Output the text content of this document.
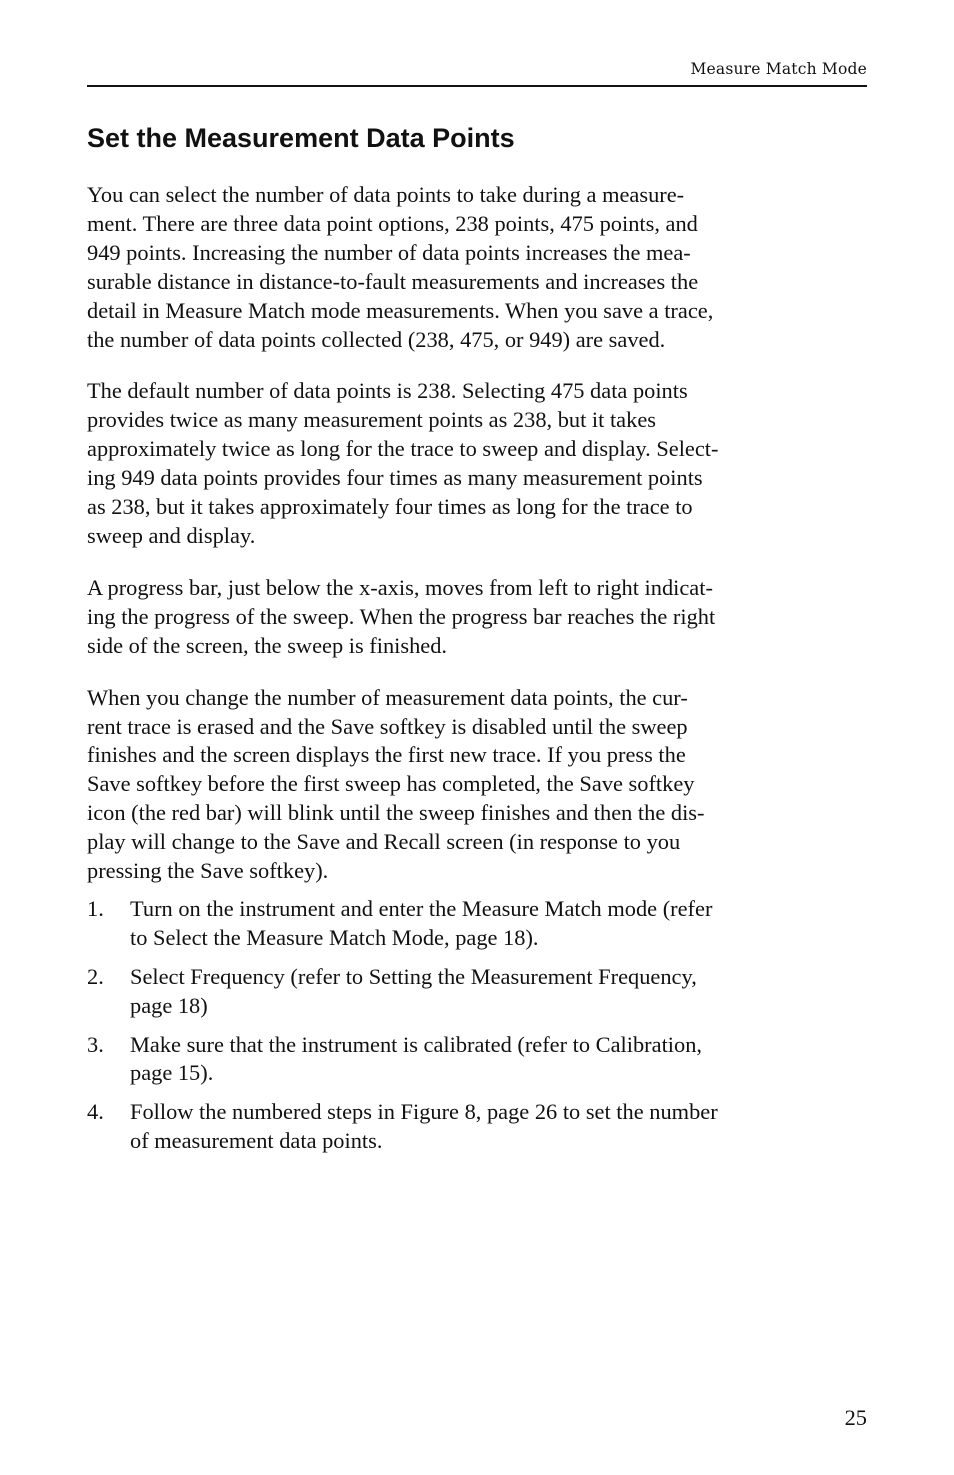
Measure Match Mode
Set the Measurement Data Points

You can select the number of data points to take during a measure-
ment. There are three data point options, 238 points, 475 points, and
949 points. Increasing the number of data points increases the mea-
surable distance in distance-to-fault measurements and increases the
detail in Measure Match mode measurements. When you save a trace,
the number of data points collected (238, 475, or 949) are saved.

The default number of data points is 238. Selecting 475 data points
provides twice as many measurement points as 238, but it takes
approximately twice as long for the trace to sweep and display. Select-
ing 949 data points provides four times as many measurement points
as 238, but it takes approximately four times as long for the trace to
sweep and display.

A progress bar, just below the x-axis, moves from left to right indicat-
ing the progress of the sweep. When the progress bar reaches the right
side of the screen, the sweep is finished.

When you change the number of measurement data points, the cur-
rent trace is erased and the Save softkey is disabled until the sweep
finishes and the screen displays the first new trace. If you press the
Save softkey before the first sweep has completed, the Save softkey
icon (the red bar) will blink until the sweep finishes and then the dis-
play will change to the Save and Recall screen (in response to you
pressing the Save softkey).

1. Turn on the instrument and enter the Measure Match mode (refer
to Select the Measure Match Mode, page 18).
2. Select Frequency (refer to Setting the Measurement Frequency,
page 18)
3. Make sure that the instrument is calibrated (refer to Calibration,
page 15).
4. Follow the numbered steps in Figure 8, page 26 to set the number
of measurement data points.
25
